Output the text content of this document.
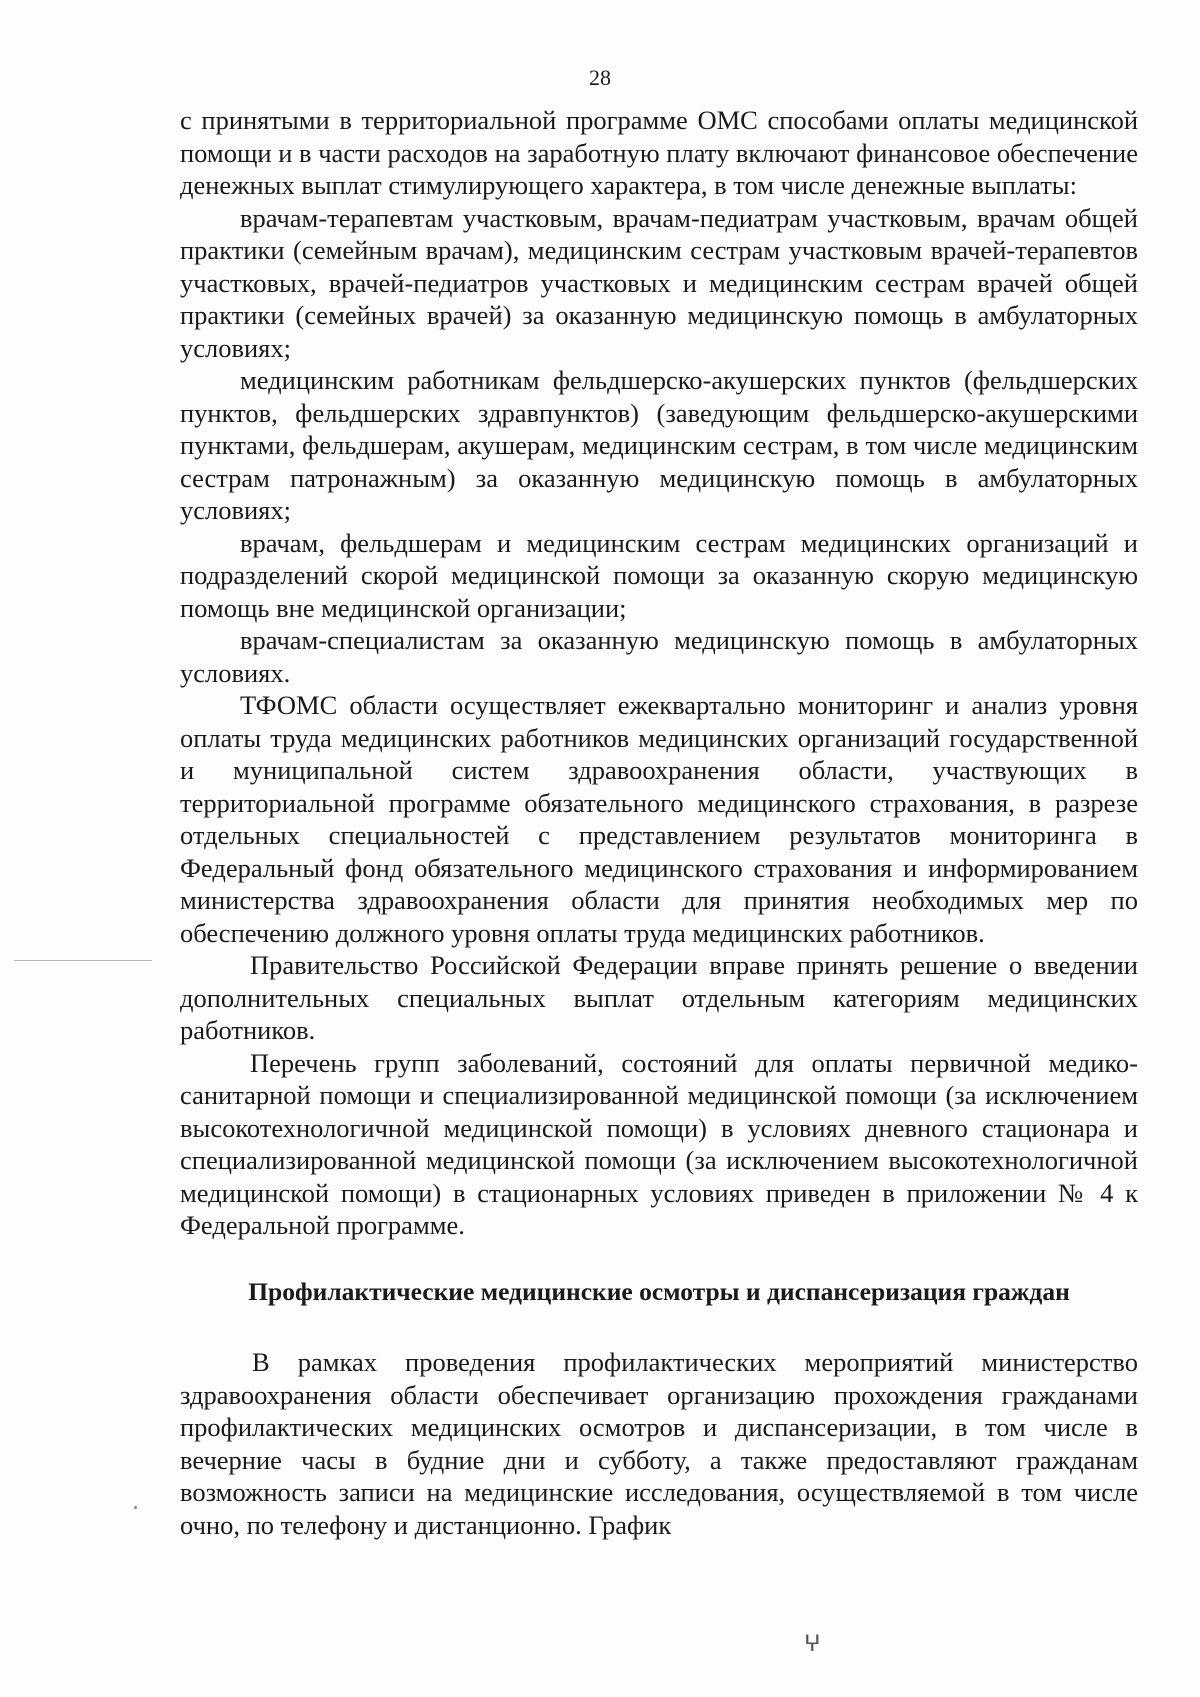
28

с принятыми в территориальной программе ОМС способами оплаты медицинской помощи и в части расходов на заработную плату включают финансовое обеспечение денежных выплат стимулирующего характера, в том числе денежные выплаты:

врачам-терапевтам участковым, врачам-педиатрам участковым, врачам общей практики (семейным врачам), медицинским сестрам участковым врачей-терапевтов участковых, врачей-педиатров участковых и медицинским сестрам врачей общей практики (семейных врачей) за оказанную медицинскую помощь в амбулаторных условиях;

медицинским работникам фельдшерско-акушерских пунктов (фельдшерских пунктов, фельдшерских здравпунктов) (заведующим фельдшерско-акушерскими пунктами, фельдшерам, акушерам, медицинским сестрам, в том числе медицинским сестрам патронажным) за оказанную медицинскую помощь в амбулаторных условиях;

врачам, фельдшерам и медицинским сестрам медицинских организаций и подразделений скорой медицинской помощи за оказанную скорую медицинскую помощь вне медицинской организации;

врачам-специалистам за оказанную медицинскую помощь в амбулаторных условиях.

ТФОМС области осуществляет ежеквартально мониторинг и анализ уровня оплаты труда медицинских работников медицинских организаций государственной и муниципальной систем здравоохранения области, участвующих в территориальной программе обязательного медицинского страхования, в разрезе отдельных специальностей с представлением результатов мониторинга в Федеральный фонд обязательного медицинского страхования и информированием министерства здравоохранения области для принятия необходимых мер по обеспечению должного уровня оплаты труда медицинских работников.

Правительство Российской Федерации вправе принять решение о введении дополнительных специальных выплат отдельным категориям медицинских работников.

Перечень групп заболеваний, состояний для оплаты первичной медико-санитарной помощи и специализированной медицинской помощи (за исключением высокотехнологичной медицинской помощи) в условиях дневного стационара и специализированной медицинской помощи (за исключением высокотехнологичной медицинской помощи) в стационарных условиях приведен в приложении № 4 к Федеральной программе.

Профилактические медицинские осмотры и диспансеризация граждан

В рамках проведения профилактических мероприятий министерство здравоохранения области обеспечивает организацию прохождения гражданами профилактических медицинских осмотров и диспансеризации, в том числе в вечерние часы в будние дни и субботу, а также предоставляют гражданам возможность записи на медицинские исследования, осуществляемой в том числе очно, по телефону и дистанционно. График

ⵖ
